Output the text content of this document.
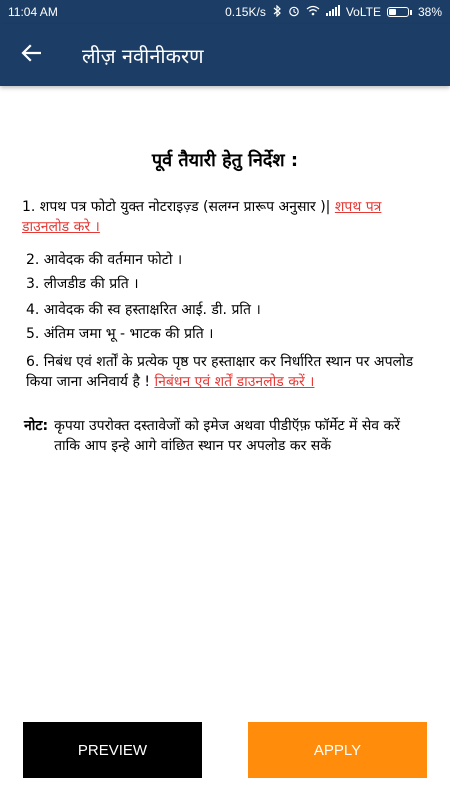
11:04 AM	0.15K/s	VoLTE	38%
लीज़ नवीनीकरण
पूर्व तैयारी हेतु निर्देश :
1. शपथ पत्र फोटो युक्त नोटराइज़्ड (सलग्न प्रारूप अनुसार )| शपथ पत्र डाउनलोड करे ।
2. आवेदक की वर्तमान फोटो ।
3. लीजडीड की प्रति ।
4. आवेदक की स्व हस्ताक्षरित आई. डी. प्रति ।
5. अंतिम जमा भू - भाटक की प्रति ।
6. निबंध एवं शर्तों के प्रत्येक पृष्ठ पर हस्ताक्षार कर निर्धारित स्थान पर अपलोड किया जाना अनिवार्य है ! निबंधन एवं शर्तें डाउनलोड करें ।
नोट: कृपया उपरोक्त दस्तावेजों को इमेज अथवा पीडीऍफ़ फॉर्मेट में सेव करें ताकि आप इन्हे आगे वांछित स्थान पर अपलोड कर सकें
PREVIEW	APPLY
